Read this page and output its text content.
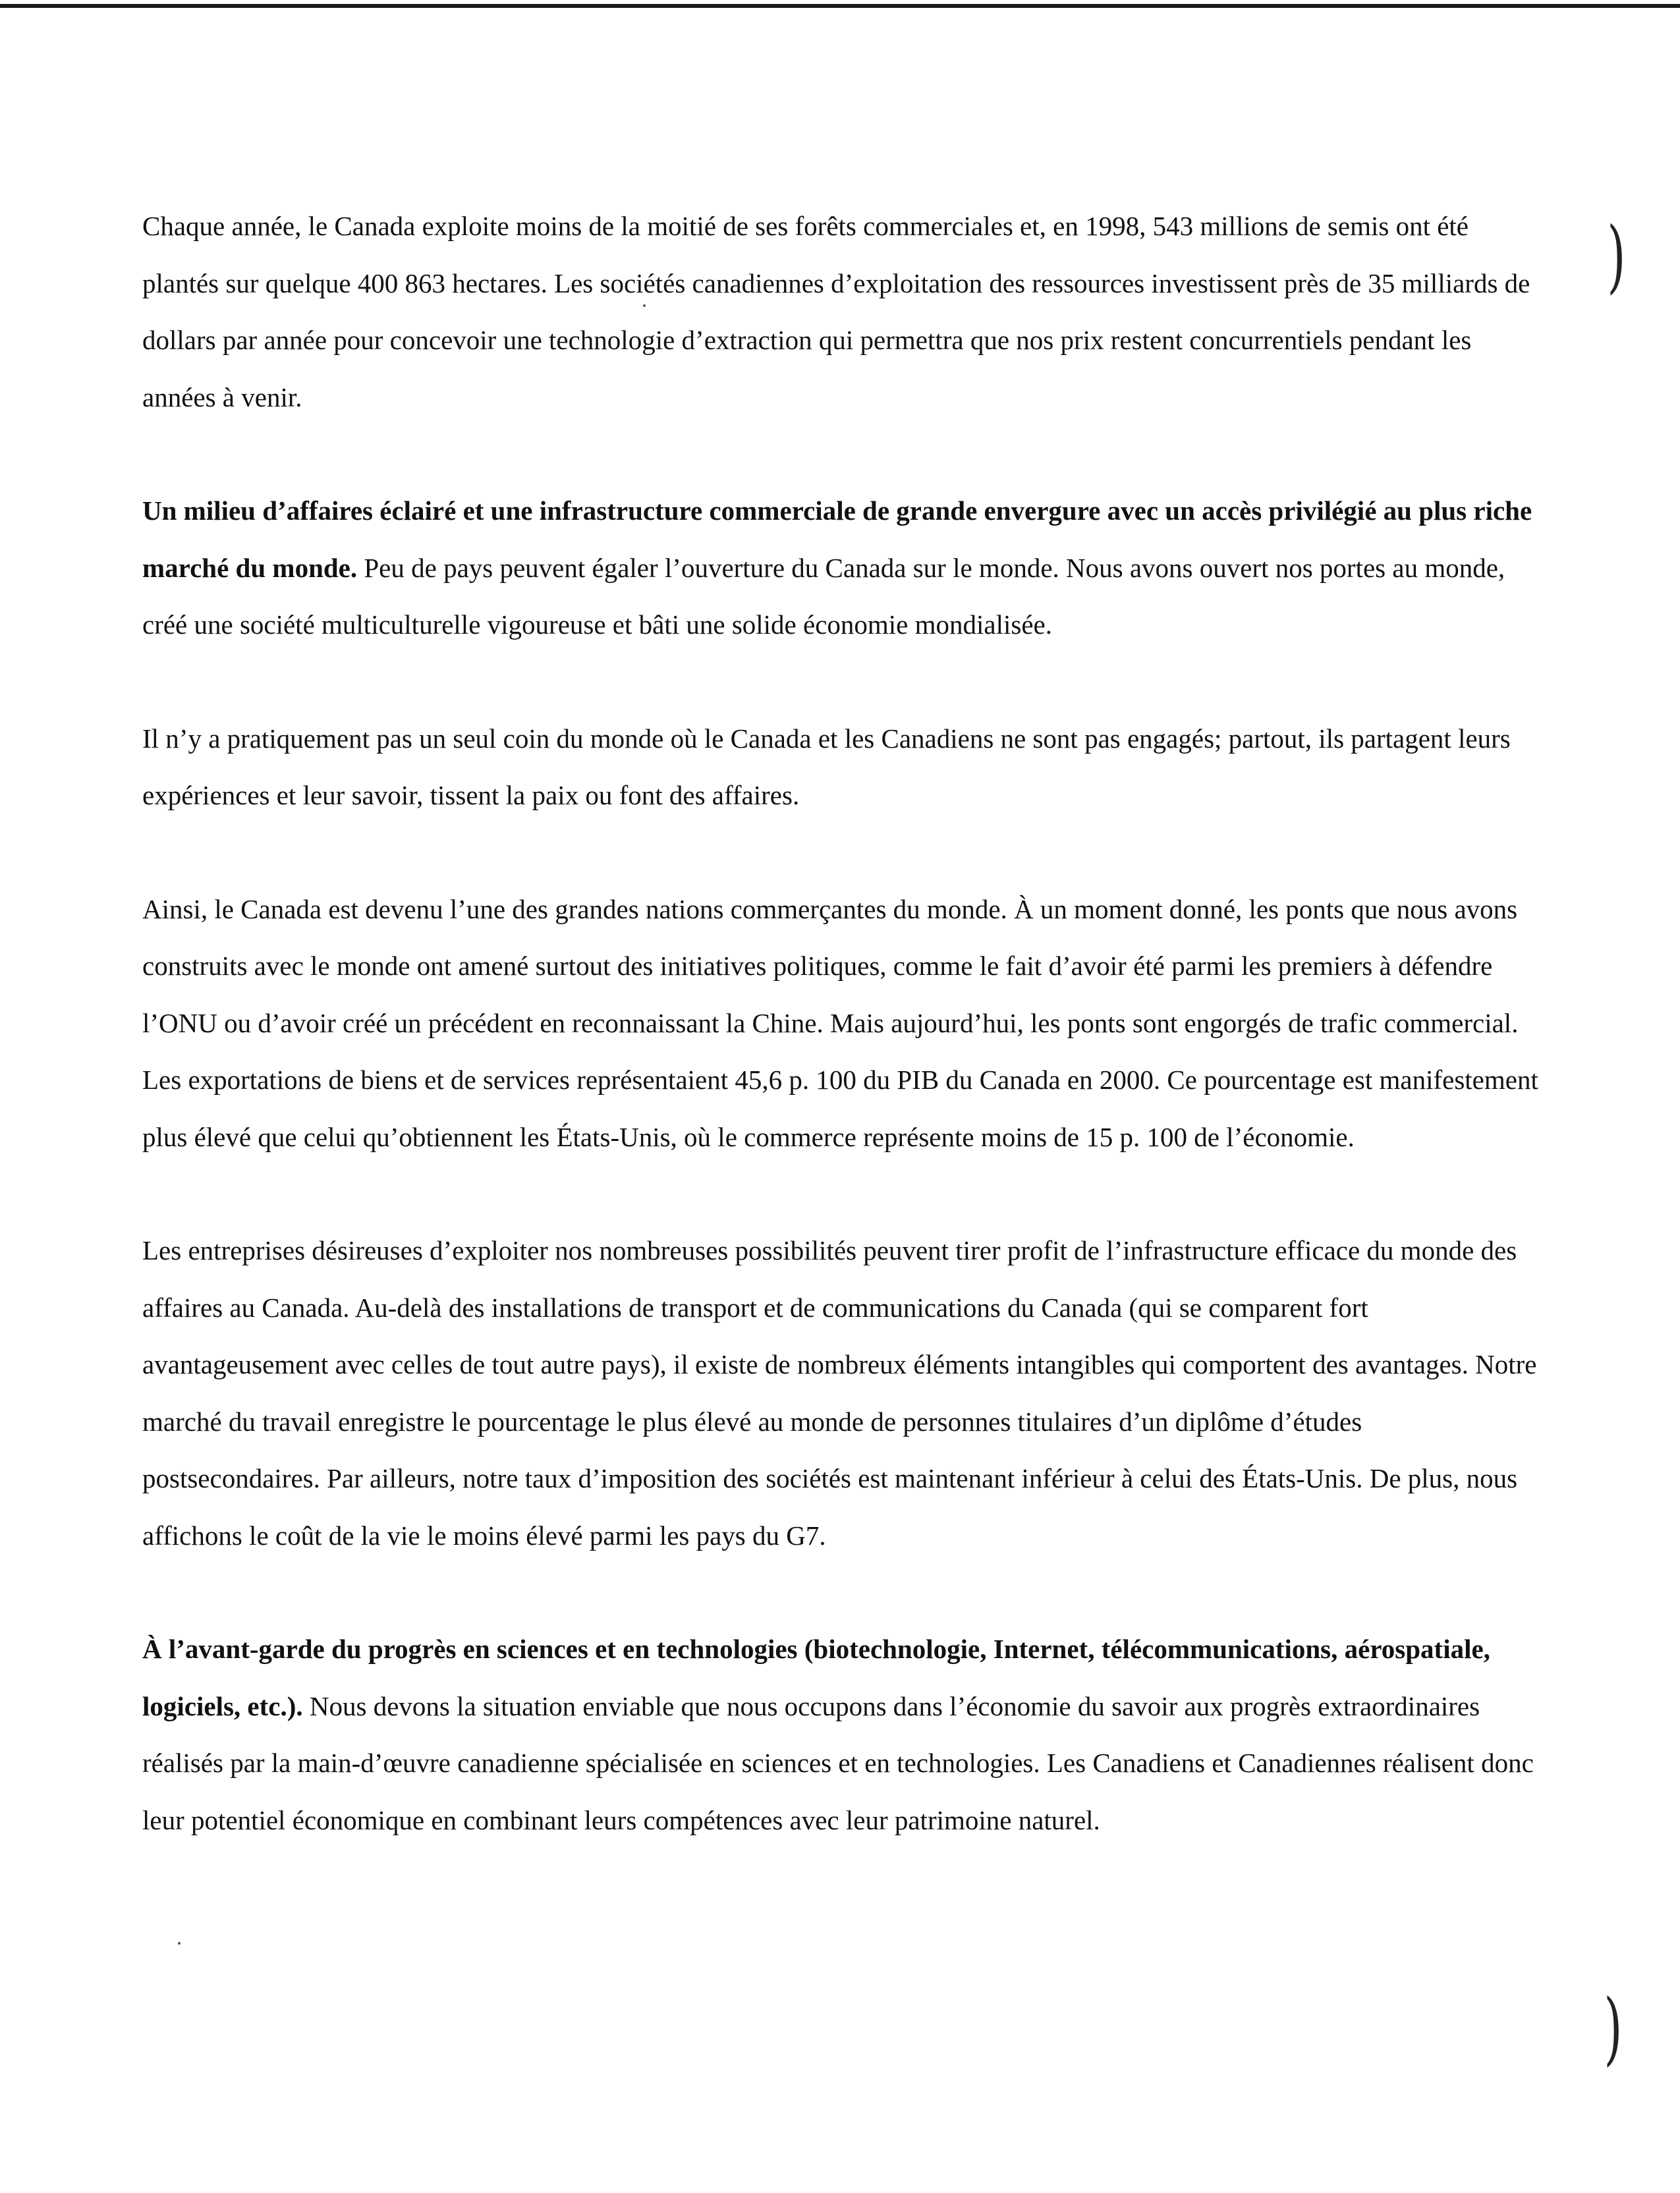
)
)

Chaque année, le Canada exploite moins de la moitié de ses forêts commerciales et, en 1998, 543 millions de semis ont été plantés sur quelque 400 863 hectares. Les sociétés canadiennes d’exploitation des ressources investissent près de 35 milliards de dollars par année pour concevoir une technologie d’extraction qui permettra que nos prix restent concurrentiels pendant les années à venir.

Un milieu d’affaires éclairé et une infrastructure commerciale de grande envergure avec un accès privilégié au plus riche marché du monde. Peu de pays peuvent égaler l’ouverture du Canada sur le monde. Nous avons ouvert nos portes au monde, créé une société multiculturelle vigoureuse et bâti une solide économie mondialisée.

Il n’y a pratiquement pas un seul coin du monde où le Canada et les Canadiens ne sont pas engagés; partout, ils partagent leurs expériences et leur savoir, tissent la paix ou font des affaires.

Ainsi, le Canada est devenu l’une des grandes nations commerçantes du monde. À un moment donné, les ponts que nous avons construits avec le monde ont amené surtout des initiatives politiques, comme le fait d’avoir été parmi les premiers à défendre l’ONU ou d’avoir créé un précédent en reconnaissant la Chine. Mais aujourd’hui, les ponts sont engorgés de trafic commercial. Les exportations de biens et de services représentaient 45,6 p. 100 du PIB du Canada en 2000. Ce pourcentage est manifestement plus élevé que celui qu’obtiennent les États-Unis, où le commerce représente moins de 15 p. 100 de l’économie.

Les entreprises désireuses d’exploiter nos nombreuses possibilités peuvent tirer profit de l’infrastructure efficace du monde des affaires au Canada. Au-delà des installations de transport et de communications du Canada (qui se comparent fort avantageusement avec celles de tout autre pays), il existe de nombreux éléments intangibles qui comportent des avantages. Notre marché du travail enregistre le pourcentage le plus élevé au monde de personnes titulaires d’un diplôme d’études postsecondaires. Par ailleurs, notre taux d’imposition des sociétés est maintenant inférieur à celui des États-Unis. De plus, nous affichons le coût de la vie le moins élevé parmi les pays du G7.

À l’avant-garde du progrès en sciences et en technologies (biotechnologie, Internet, télécommunications, aérospatiale, logiciels, etc.). Nous devons la situation enviable que nous occupons dans l’économie du savoir aux progrès extraordinaires réalisés par la main-d’œuvre canadienne spécialisée en sciences et en technologies. Les Canadiens et Canadiennes réalisent donc leur potentiel économique en combinant leurs compétences avec leur patrimoine naturel.
